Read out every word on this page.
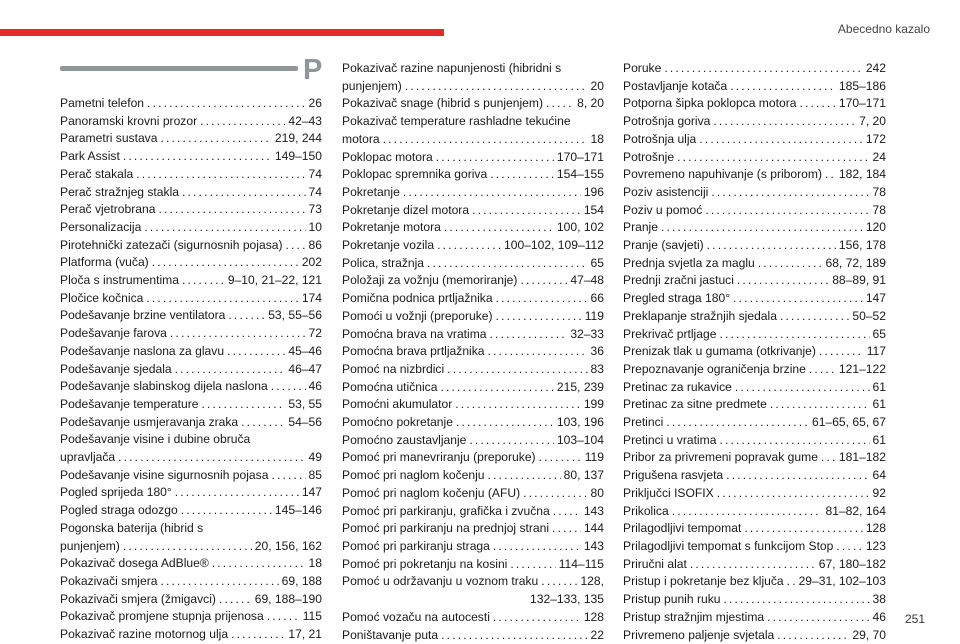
Abecedno kazalo
P
Pametni telefon . . .	26
Panoramski krovni prozor . . .	42–43
Parametri sustava . . .	219, 244
Park Assist . . .	149–150
Perač stakala . . .	74
Perač stražnjeg stakla . . .	74
Perač vjetrobrana . . .	73
Personalizacija . . .	10
Pirotehnički zatezači (sigurnosnih pojasa) . . . 86
Platforma (vuča) . . .	202
Ploča s instrumentima . . .	9–10, 21–22, 121
Pločice kočnica . . .	174
Podešavanje brzine ventilatora . . .	53, 55–56
Podešavanje farova . . .	72
Podešavanje naslona za glavu . . .	45–46
Podešavanje sjedala . . .	46–47
Podešavanje slabinskog dijela naslona . . .	46
Podešavanje temperature . . .	53, 55
Podešavanje usmjeravanja zraka . . .	54–56
Podešavanje visine i dubine obruča
upravljača . . .	49
Podešavanje visine sigurnosnih pojasa . . .	85
Pogled sprijeda 180° . . .	147
Pogled straga odozgo . . .	145–146
Pogonska baterija (hibrid s
punjenjem) . . .	20, 156, 162
Pokazivač dosega AdBlue® . . .	18
Pokazivači smjera . . .	69, 188
Pokazivači smjera (žmigavci) . . .	69, 188–190
Pokazivač promjene stupnja prijenosa . . .	115
Pokazivač razine motornog ulja . . .	17, 21
Pokazivač razine napunjenosti (hibridni s
punjenjem) . . .	20
Pokazivač snage (hibrid s punjenjem) . . .	8, 20
Pokazivač temperature rashladne tekućine
motora . . .	18
Poklopac motora . . .	170–171
Poklopac spremnika goriva . . .	154–155
Pokretanje . . .	196
Pokretanje dizel motora . . .	154
Pokretanje motora . . .	100, 102
Pokretanje vozila . . .	100–102, 109–112
Polica, stražnja . . .	65
Položaji za vožnju (memoriranje) . . .	47–48
Pomična podnica prtljažnika . . .	66
Pomoći u vožnji (preporuke) . . .	119
Pomoćna brava na vratima . . .	32–33
Pomoćna brava prtljažnika . . .	36
Pomoć na nizbrdici . . .	83
Pomoćna utičnica . . .	215, 239
Pomoćni akumulator . . .	199
Pomoćno pokretanje . . .	103, 196
Pomoćno zaustavljanje . . .	103–104
Pomoć pri manevriranju (preporuke) . . .	119
Pomoć pri naglom kočenju . . .	80, 137
Pomoć pri naglom kočenju (AFU) . . .	80
Pomoć pri parkiranju, grafička i zvučna . . .	143
Pomoć pri parkiranju na prednjoj strani . . .	144
Pomoć pri parkiranju straga . . .	143
Pomoć pri pokretanju na kosini . . .	114–115
Pomoć u održavanju u voznom traku . . .	128,
132–133, 135
Pomoć vozaču na autocesti . . .	128
Poništavanje puta . . .	22
Poruke . . .	242
Postavljanje kotača . . .	185–186
Potporna šipka poklopca motora . . .	170–171
Potrošnja goriva . . .	7, 20
Potrošnja ulja . . .	172
Potrošnje . . .	24
Povremeno napuhivanje (s priborom) . . . 182, 184
Poziv asistenciji . . .	78
Poziv u pomoć . . .	78
Pranje . . .	120
Pranje (savjeti) . . .	156, 178
Prednja svjetla za maglu . . .	68, 72, 189
Prednji zračni jastuci . . .	88–89, 91
Pregled straga 180° . . .	147
Preklapanje stražnjih sjedala . . .	50–52
Prekrivač prtljage . . .	65
Prenizak tlak u gumama (otkrivanje) . . .	117
Prepoznavanje ograničenja brzine . . .	121–122
Pretinac za rukavice . . .	61
Pretinac za sitne predmete . . .	61
Pretinci . . .	61–65, 65, 67
Pretinci u vratima . . .	61
Pribor za privremeni popravak gume . . . 181–182
Prigušena rasvjeta . . .	64
Priključci ISOFIX . . .	92
Prikolica . . .	81–82, 164
Prilagodljivi tempomat . . .	128
Prilagodljivi tempomat s funkcijom Stop . . .	123
Priručni alat . . .	67, 180–182
Pristup i pokretanje bez ključa . . . 29–31, 102–103
Pristup punih ruku . . .	38
Pristup stražnjim mjestima . . .	46
Privremeno paljenje svjetala . . .	29, 70
251
